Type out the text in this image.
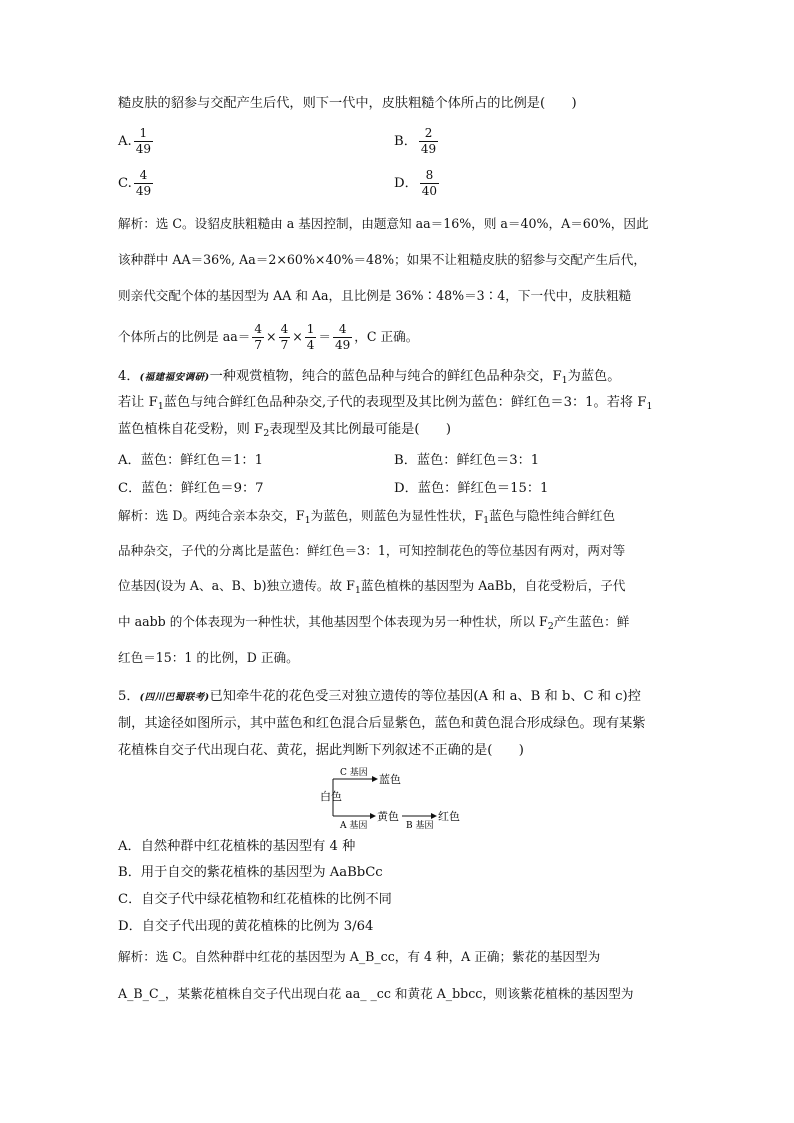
糙皮肤的貂参与交配产生后代，则下一代中，皮肤粗糙个体所占的比例是(　　)
A. $\frac{1}{49}$	B． $\frac{2}{49}$
C. $\frac{4}{49}$	D． $\frac{8}{40}$
解析：选 C。设貂皮肤粗糙由 a 基因控制，由题意知 aa＝16%，则 a＝40%，A＝60%，因此
该种群中 AA＝36%, Aa＝2×60%×40%＝48%；如果不让粗糙皮肤的貂参与交配产生后代，
则亲代交配个体的基因型为 AA 和 Aa，且比例是 36%∶48%＝3∶4，下一代中，皮肤粗糙
个体所占的比例是 $aa= \frac{4}{7} \times \frac{4}{7} \times \frac{1}{4} = \frac{4}{49}$ ，C 正确。
4．(福建福安调研)一种观赏植物，纯合的蓝色品种与纯合的鲜红色品种杂交，$F_1$为蓝色。
若让 $F_1$蓝色与纯合鲜红色品种杂交,子代的表现型及其比例为蓝色：鲜红色＝3：1。若将 $F_1$
蓝色植株自花受粉，则 $F_2$表现型及其比例最可能是(　　)
A．蓝色：鲜红色＝1：1	B．蓝色：鲜红色＝3：1
C．蓝色：鲜红色＝9：7	D．蓝色：鲜红色＝15：1
解析：选 D。两纯合亲本杂交，$F_1$为蓝色，则蓝色为显性性状，$F_1$蓝色与隐性纯合鲜红色
品种杂交，子代的分离比是蓝色：鲜红色＝3：1，可知控制花色的等位基因有两对，两对等
位基因(设为 A、a、B、b)独立遗传。故 $F_1$蓝色植株的基因型为 AaBb，自花受粉后，子代
中 aabb 的个体表现为一种性状，其他基因型个体表现为另一种性状，所以 $F_2$产生蓝色：鲜
红色＝15：1 的比例，D 正确。
5．(四川巴蜀联考)已知牵牛花的花色受三对独立遗传的等位基因(A 和 a、B 和 b、C 和 c)控
制，其途径如图所示，其中蓝色和红色混合后显紫色，蓝色和黄色混合形成绿色。现有某紫
花植株自交子代出现白花、黄花，据此判断下列叙述不正确的是(　　)
C 基因 蓝色
白色
A 基因
黄色
B 基因
红色
A．自然种群中红花植株的基因型有 4 种
B．用于自交的紫花植株的基因型为 AaBbCc
C．自交子代中绿花植物和红花植株的比例不同
D．自交子代出现的黄花植株的比例为 3/64
解析：选 C。自然种群中红花的基因型为 A_B_cc，有 4 种，A 正确；紫花的基因型为
A_B_C_，某紫花植株自交子代出现白花 aa_ _cc 和黄花 A_bbcc，则该紫花植株的基因型为
